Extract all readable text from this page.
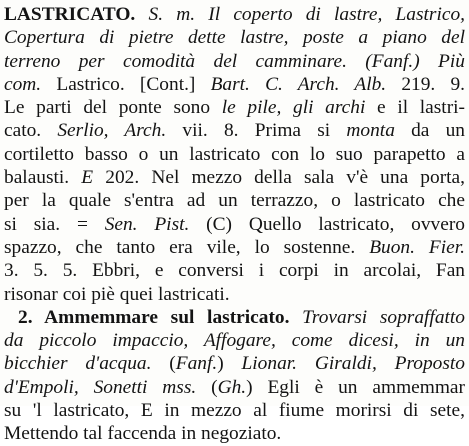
LASTRICATO. S. m. Il coperto di lastre, Lastrico,
Copertura di pietre dette lastre, poste a piano del
terreno per comodità del camminare. (Fanf.) Più
com. Lastrico. [Cont.] Bart. C. Arch. Alb. 219. 9.
Le parti del ponte sono le pile, gli archi e il lastri-
cato. Serlio, Arch. vii. 8. Prima si monta da un
cortiletto basso o un lastricato con lo suo parapetto a
balausti. E 202. Nel mezzo della sala v'è una porta,
per la quale s'entra ad un terrazzo, o lastricato che
si sia. = Sen. Pist. (C) Quello lastricato, ovvero
spazzo, che tanto era vile, lo sostenne. Buon. Fier.
3. 5. 5. Ebbri, e conversi i corpi in arcolai, Fan
risonar coi piè quei lastricati.
2. Ammemmare sul lastricato. Trovarsi sopraffatto
da piccolo impaccio, Affogare, come dicesi, in un
bicchier d'acqua. (Fanf.) Lionar. Giraldi, Proposto
d'Empoli, Sonetti mss. (Gh.) Egli è un ammemmar
su 'l lastricato, E in mezzo al fiume morirsi di sete,
Mettendo tal faccenda in negoziato.
